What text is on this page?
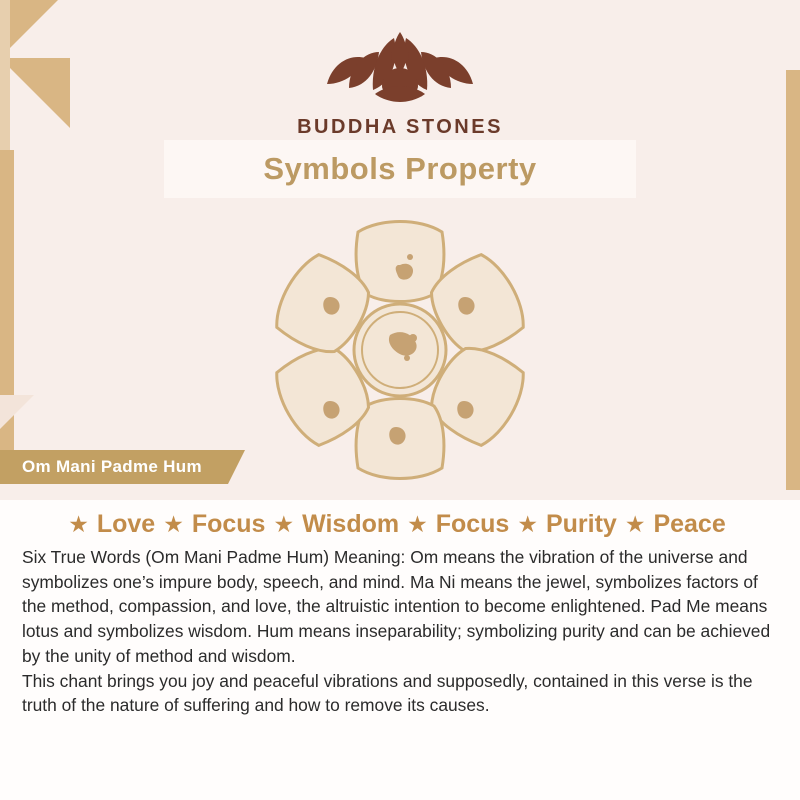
BUDDHA STONES
Symbols Property
Om Mani Padme Hum
★ Love ★ Focus ★ Wisdom ★ Focus ★ Purity ★ Peace

Six True Words (Om Mani Padme Hum) Meaning: Om means the vibration of the universe and symbolizes one’s impure body, speech, and mind. Ma Ni means the jewel, symbolizes factors of the method, compassion, and love, the altruistic intention to become enlightened. Pad Me means lotus and symbolizes wisdom. Hum means inseparability; symbolizing purity and can be achieved by the unity of method and wisdom.

This chant brings you joy and peaceful vibrations and supposedly, contained in this verse is the truth of the nature of suffering and how to remove its causes.
